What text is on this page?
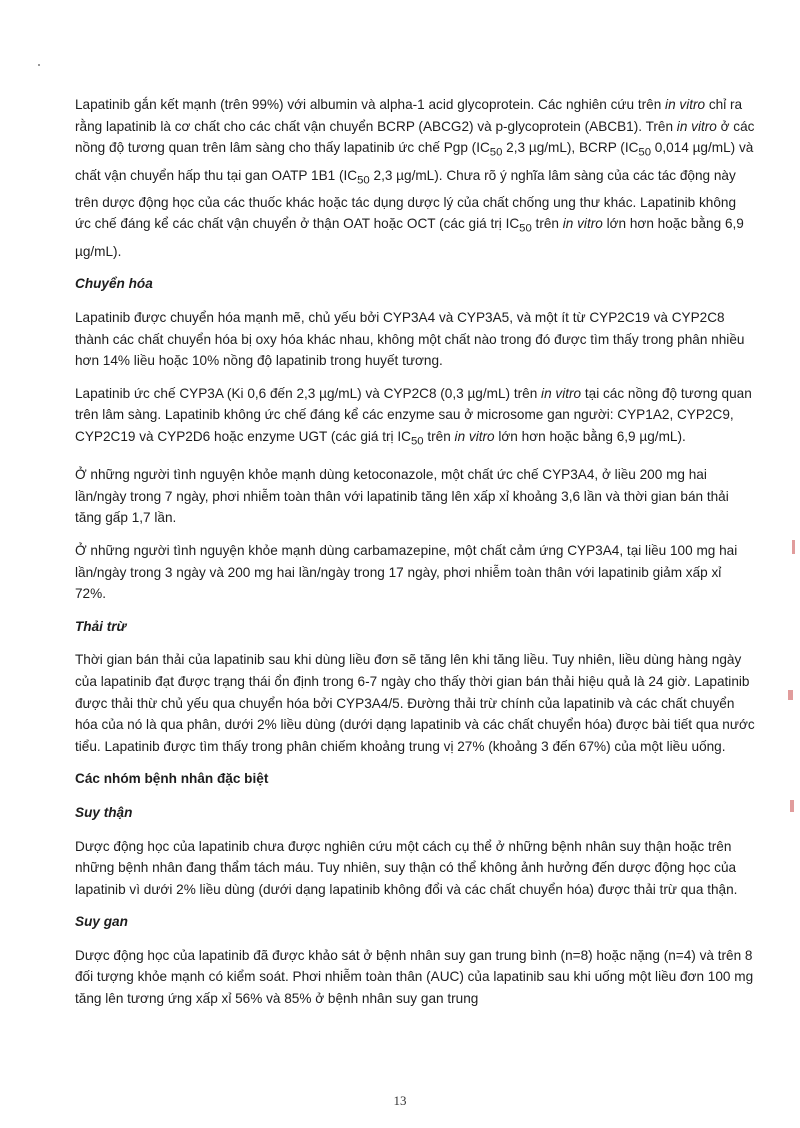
Lapatinib gắn kết mạnh (trên 99%) với albumin và alpha-1 acid glycoprotein. Các nghiên cứu trên in vitro chỉ ra rằng lapatinib là cơ chất cho các chất vận chuyển BCRP (ABCG2) và p-glycoprotein (ABCB1). Trên in vitro ở các nồng độ tương quan trên lâm sàng cho thấy lapatinib ức chế Pgp ($IC_{50}$ 2,3 µg/mL), BCRP ($IC_{50}$ 0,014 µg/mL) và chất vận chuyển hấp thu tại gan OATP 1B1 ($IC_{50}$ 2,3 µg/mL). Chưa rõ ý nghĩa lâm sàng của các tác động này trên dược động học của các thuốc khác hoặc tác dụng dược lý của chất chống ung thư khác. Lapatinib không ức chế đáng kể các chất vận chuyển ở thận OAT hoặc OCT (các giá trị $IC_{50}$ trên in vitro lớn hơn hoặc bằng 6,9 µg/mL).

Chuyển hóa

Lapatinib được chuyển hóa mạnh mẽ, chủ yếu bởi CYP3A4 và CYP3A5, và một ít từ CYP2C19 và CYP2C8 thành các chất chuyển hóa bị oxy hóa khác nhau, không một chất nào trong đó được tìm thấy trong phân nhiều hơn 14% liều hoặc 10% nồng độ lapatinib trong huyết tương.

Lapatinib ức chế CYP3A (Ki 0,6 đến 2,3 µg/mL) và CYP2C8 (0,3 µg/mL) trên in vitro tại các nồng độ tương quan trên lâm sàng. Lapatinib không ức chế đáng kể các enzyme sau ở microsome gan người: CYP1A2, CYP2C9, CYP2C19 và CYP2D6 hoặc enzyme UGT (các giá trị $IC_{50}$ trên in vitro lớn hơn hoặc bằng 6,9 µg/mL).

Ở những người tình nguyện khỏe mạnh dùng ketoconazole, một chất ức chế CYP3A4, ở liều 200 mg hai lần/ngày trong 7 ngày, phơi nhiễm toàn thân với lapatinib tăng lên xấp xỉ khoảng 3,6 lần và thời gian bán thải tăng gấp 1,7 lần.

Ở những người tình nguyện khỏe mạnh dùng carbamazepine, một chất cảm ứng CYP3A4, tại liều 100 mg hai lần/ngày trong 3 ngày và 200 mg hai lần/ngày trong 17 ngày, phơi nhiễm toàn thân với lapatinib giảm xấp xỉ 72%.

Thải trừ

Thời gian bán thải của lapatinib sau khi dùng liều đơn sẽ tăng lên khi tăng liều. Tuy nhiên, liều dùng hàng ngày của lapatinib đạt được trạng thái ổn định trong 6-7 ngày cho thấy thời gian bán thải hiệu quả là 24 giờ. Lapatinib được thải thừ chủ yếu qua chuyển hóa bởi CYP3A4/5. Đường thải trừ chính của lapatinib và các chất chuyển hóa của nó là qua phân, dưới 2% liều dùng (dưới dạng lapatinib và các chất chuyển hóa) được bài tiết qua nước tiểu. Lapatinib được tìm thấy trong phân chiếm khoảng trung vị 27% (khoảng 3 đến 67%) của một liều uống.

Các nhóm bệnh nhân đặc biệt

Suy thận

Dược động học của lapatinib chưa được nghiên cứu một cách cụ thể ở những bệnh nhân suy thận hoặc trên những bệnh nhân đang thẩm tách máu. Tuy nhiên, suy thận có thể không ảnh hưởng đến dược động học của lapatinib vì dưới 2% liều dùng (dưới dạng lapatinib không đổi và các chất chuyển hóa) được thải trừ qua thận.

Suy gan

Dược động học của lapatinib đã được khảo sát ở bệnh nhân suy gan trung bình (n=8) hoặc nặng (n=4) và trên 8 đối tượng khỏe mạnh có kiểm soát. Phơi nhiễm toàn thân (AUC) của lapatinib sau khi uống một liều đơn 100 mg tăng lên tương ứng xấp xỉ 56% và 85% ở bệnh nhân suy gan trung

13
